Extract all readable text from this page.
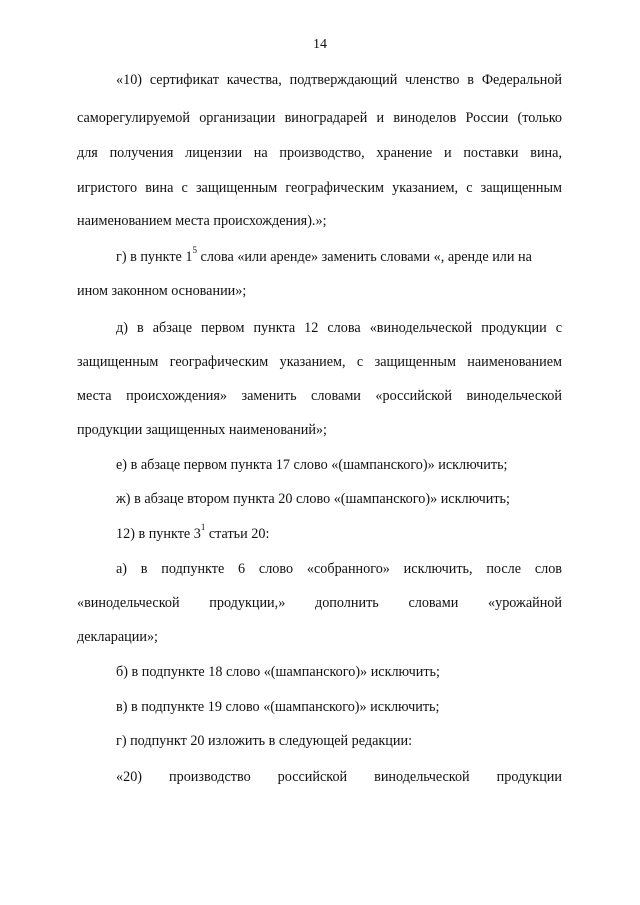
14
«10) сертификат качества, подтверждающий членство в Федеральной
саморегулируемой организации виноградарей и виноделов России (только
для получения лицензии на производство, хранение и поставки вина,
игристого вина с защищенным географическим указанием, с защищенным
наименованием места происхождения).»;
г) в пункте $1^5$ слова «или аренде» заменить словами «, аренде или на
ином законном основании»;
д) в абзаце первом пункта 12 слова «винодельческой продукции с
защищенным географическим указанием, с защищенным наименованием
места происхождения» заменить словами «российской винодельческой
продукции защищенных наименований»;
е) в абзаце первом пункта 17 слово «(шампанского)» исключить;
ж) в абзаце втором пункта 20 слово «(шампанского)» исключить;
12) в пункте $3^1$ статьи 20:
а) в подпункте 6 слово «собранного» исключить, после слов
«винодельческой продукции,» дополнить словами «урожайной
декларации»;
б) в подпункте 18 слово «(шампанского)» исключить;
в) в подпункте 19 слово «(шампанского)» исключить;
г) подпункт 20 изложить в следующей редакции:
«20) производство российской винодельческой продукции
